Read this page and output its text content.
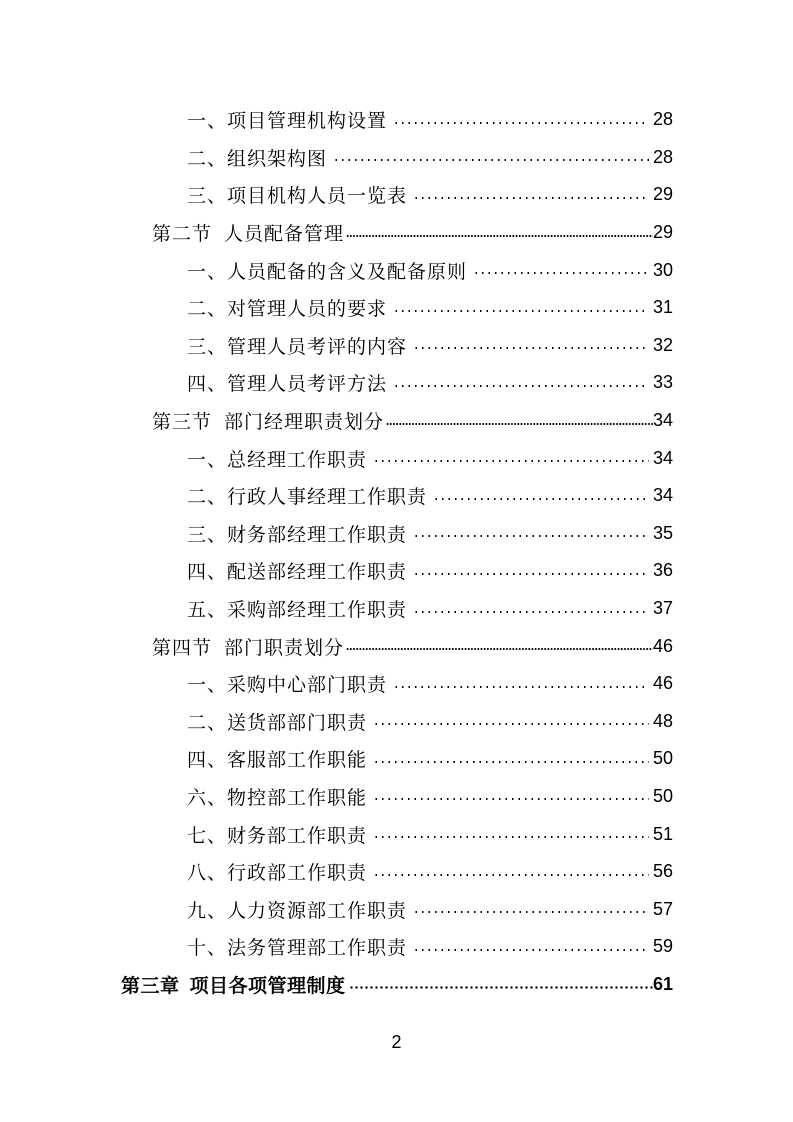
一、项目管理机构设置	28
二、组织架构图	28
三、项目机构人员一览表	29
第二节 人员配备管理	29
一、人员配备的含义及配备原则	30
二、对管理人员的要求	31
三、管理人员考评的内容	32
四、管理人员考评方法	33
第三节 部门经理职责划分	34
一、总经理工作职责	34
二、行政人事经理工作职责	34
三、财务部经理工作职责	35
四、配送部经理工作职责	36
五、采购部经理工作职责	37
第四节 部门职责划分	46
一、采购中心部门职责	46
二、送货部部门职责	48
四、客服部工作职能	50
六、物控部工作职能	50
七、财务部工作职责	51
八、行政部工作职责	56
九、人力资源部工作职责	57
十、法务管理部工作职责	59
第三章 项目各项管理制度	61
2
